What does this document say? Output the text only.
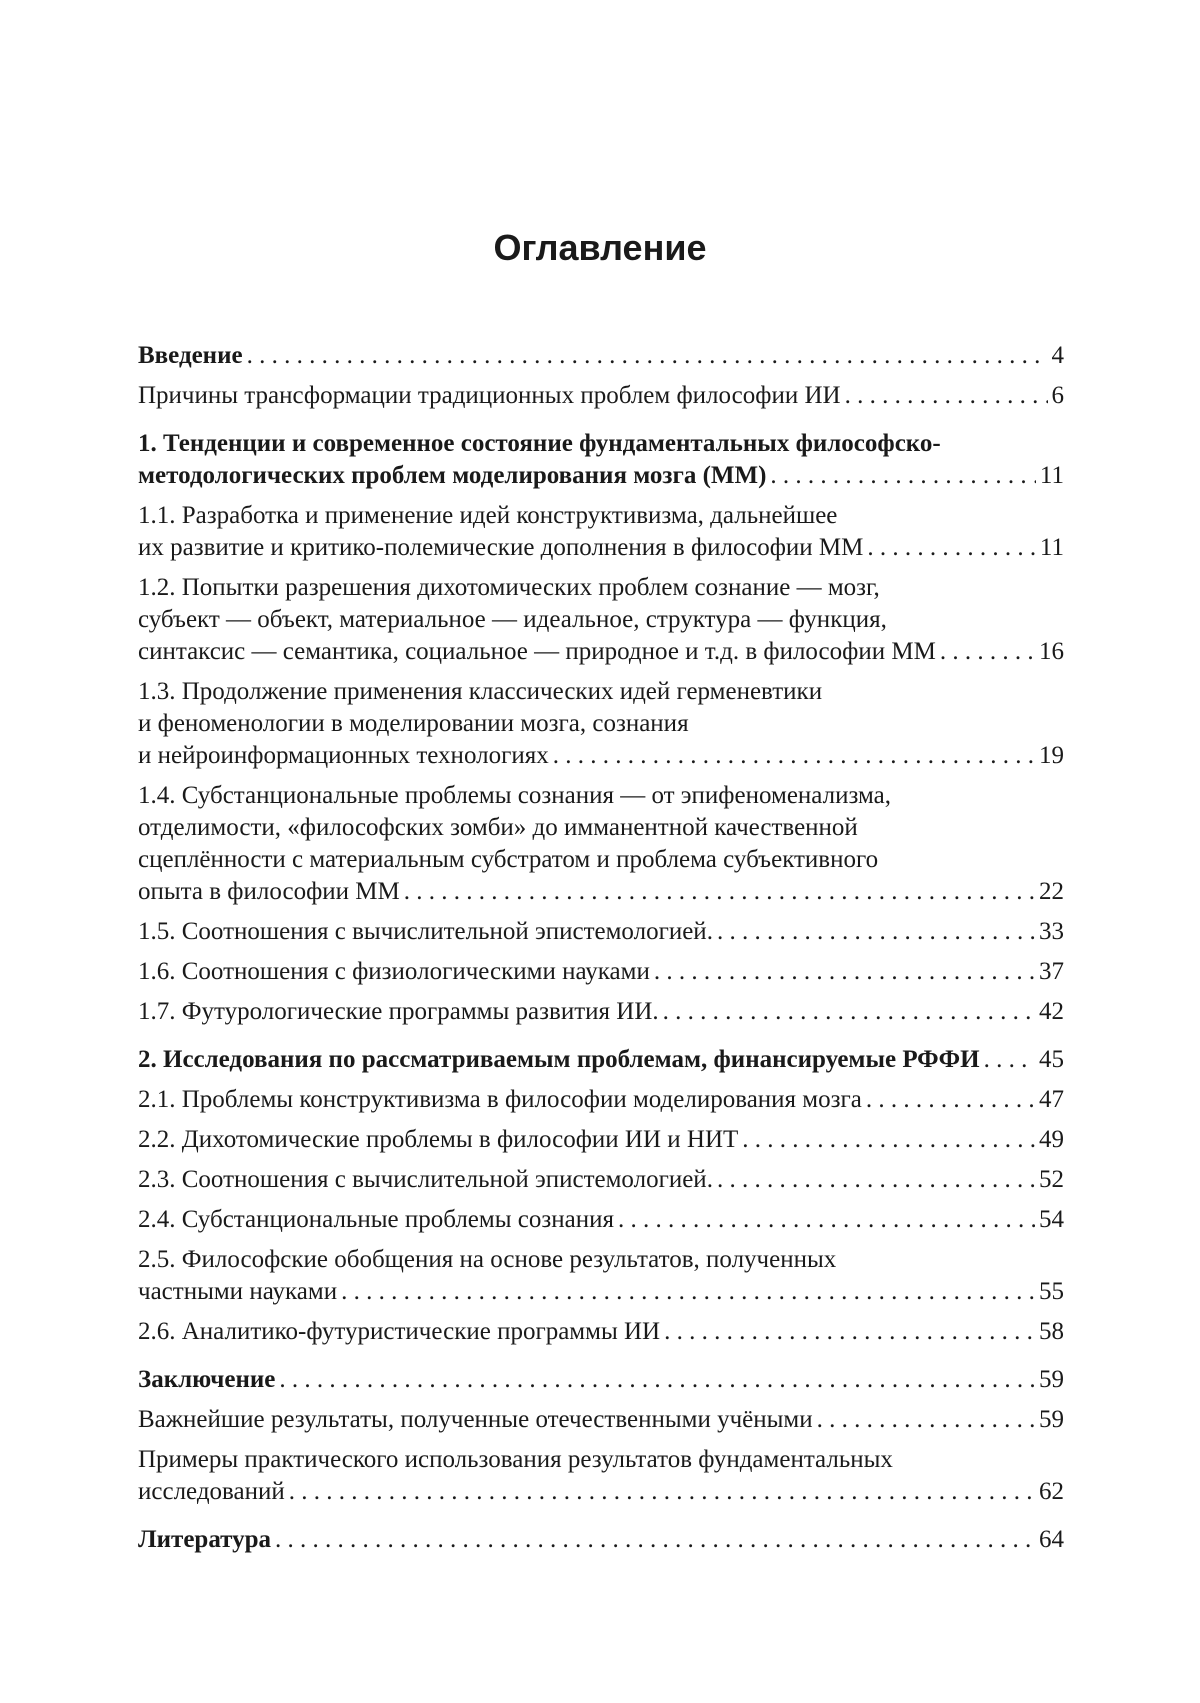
Оглавление
Введение . . .	4
Причины трансформации традиционных проблем философии ИИ . . .	6
1. Тенденции и современное состояние фундаментальных философско-
методологических проблем моделирования мозга (ММ) . . .	11
1.1. Разработка и применение идей конструктивизма, дальнейшее
их развитие и критико-полемические дополнения в философии ММ . . .	11
1.2. Попытки разрешения дихотомических проблем сознание — мозг,
субъект — объект, материальное — идеальное, структура — функция,
синтаксис — семантика, социальное — природное и т.д. в философии ММ . . .	16
1.3. Продолжение применения классических идей герменевтики
и феноменологии в моделировании мозга, сознания
и нейроинформационных технологиях . . .	19
1.4. Субстанциональные проблемы сознания — от эпифеноменализма,
отделимости, «философских зомби» до имманентной качественной
сцеплённости с материальным субстратом и проблема субъективного
опыта в философии ММ . . .	22
1.5. Соотношения с вычислительной эпистемологией. . . .	33
1.6. Соотношения с физиологическими науками . . .	37
1.7. Футурологические программы развития ИИ. . . .	42
2. Исследования по рассматриваемым проблемам, финансируемые РФФИ . . . 45
2.1. Проблемы конструктивизма в философии моделирования мозга . . .	47
2.2. Дихотомические проблемы в философии ИИ и НИТ . . .	49
2.3. Соотношения с вычислительной эпистемологией. . . .	52
2.4. Субстанциональные проблемы сознания . . .	54
2.5. Философские обобщения на основе результатов, полученных
частными науками . . .	55
2.6. Аналитико-футуристические программы ИИ . . .	58
Заключение . . .	59
Важнейшие результаты, полученные отечественными учёными . . .	59
Примеры практического использования результатов фундаментальных
исследований . . .	62
Литература . . .	64
